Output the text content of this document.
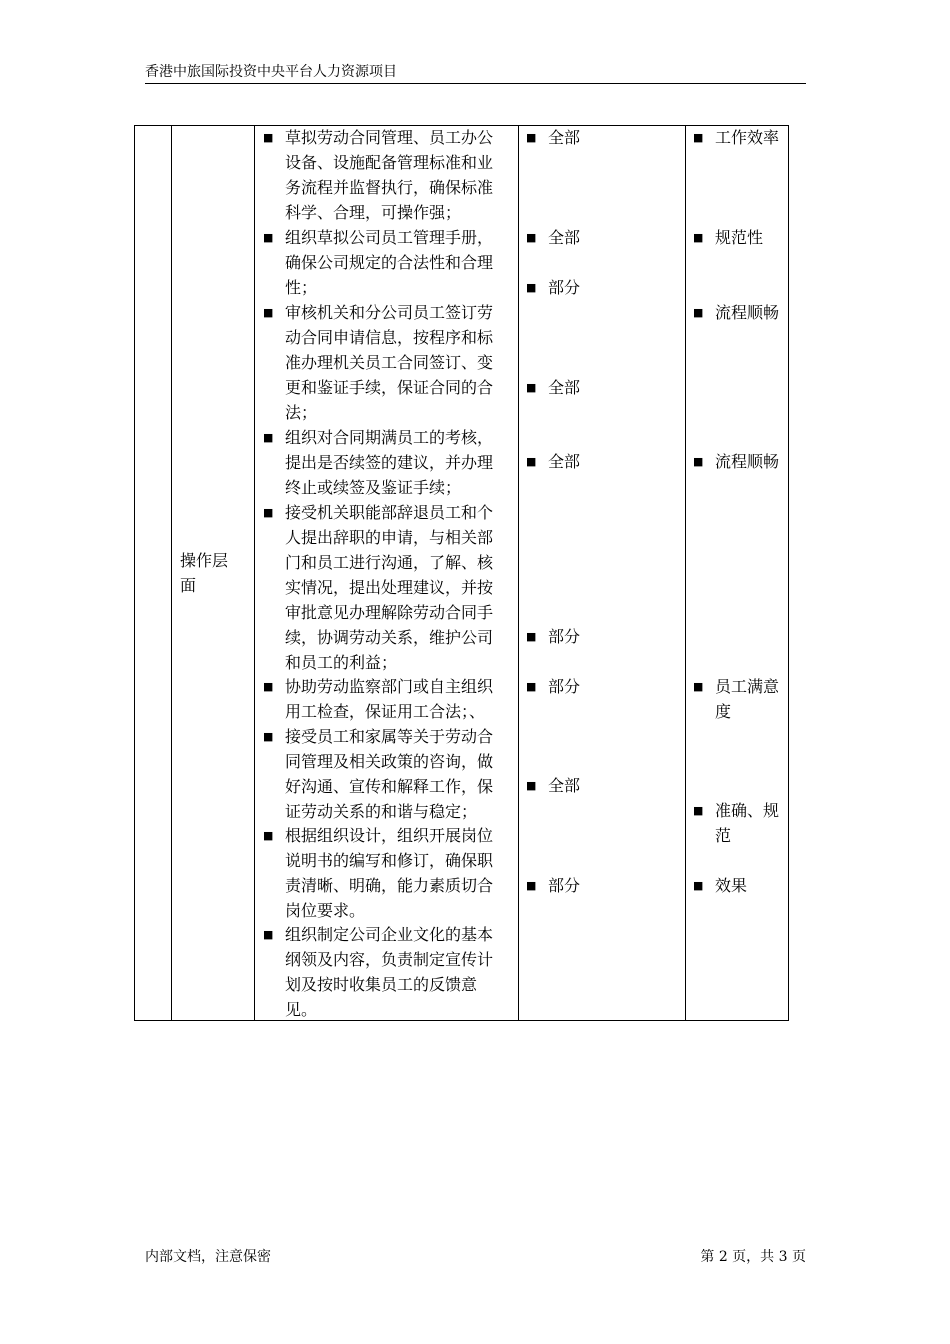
香港中旅国际投资中央平台人力资源项目
操作层面
■ 草拟劳动合同管理、员工办公设备、设施配备管理标准和业务流程并监督执行，确保标准科学、合理，可操作强；
■ 组织草拟公司员工管理手册，确保公司规定的合法性和合理性；
■ 审核机关和分公司员工签订劳动合同申请信息，按程序和标准办理机关员工合同签订、变更和鉴证手续，保证合同的合法；
■ 组织对合同期满员工的考核，提出是否续签的建议，并办理终止或续签及鉴证手续；
■ 接受机关职能部辞退员工和个人提出辞职的申请，与相关部门和员工进行沟通，了解、核实情况，提出处理建议，并按审批意见办理解除劳动合同手续，协调劳动关系，维护公司和员工的利益；
■ 协助劳动监察部门或自主组织用工检查，保证用工合法；、
■ 接受员工和家属等关于劳动合同管理及相关政策的咨询，做好沟通、宣传和解释工作，保证劳动关系的和谐与稳定；
■ 根据组织设计，组织开展岗位说明书的编写和修订，确保职责清晰、明确，能力素质切合岗位要求。
■ 组织制定公司企业文化的基本纲领及内容，负责制定宣传计划及按时收集员工的反馈意见。
■ 全部
■ 全部
■ 部分
■ 全部
■ 全部
■ 部分
■ 部分
■ 全部
■ 部分
■ 工作效率
■ 规范性
■ 流程顺畅
■ 流程顺畅
■ 员工满意度
■ 准确、规范
■ 效果
内部文档，注意保密	第 2 页，共 3 页
